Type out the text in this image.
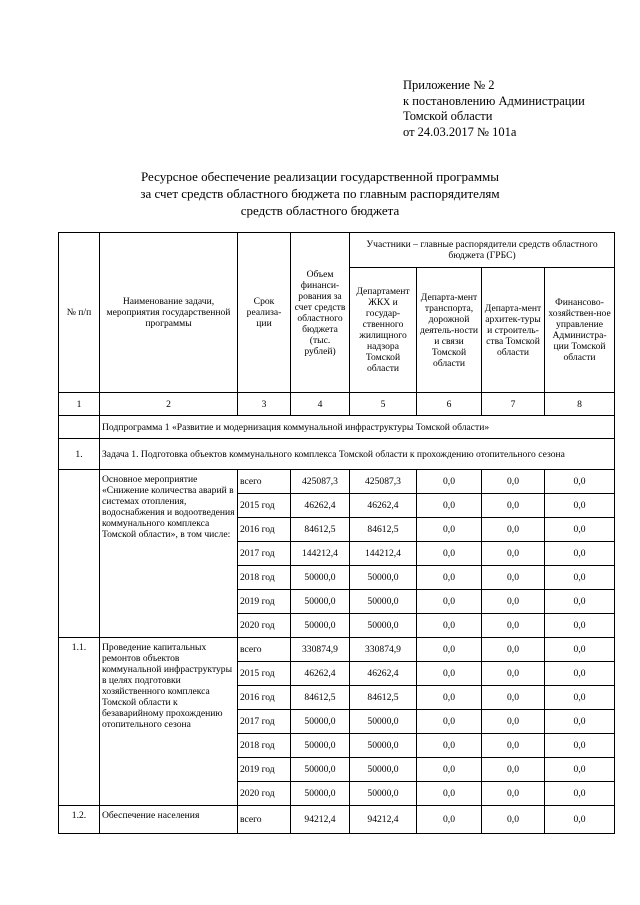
Приложение № 2
к постановлению Администрации
Томской области
от 24.03.2017 № 101а
Ресурсное обеспечение реализации государственной программы
за счет средств областного бюджета по главным распорядителям
средств областного бюджета
№ п/п	Наименование задачи, мероприятия государственной программы	Срок реализа-ции	Объем финанси-рования за счет средств областного бюджета (тыс. рублей)	Участники – главные распорядители средств областного бюджета (ГРБС)			
				Департамент ЖКХ и государ-ственного жилищного надзора Томской области	Департа-мент транспорта, дорожной деятель-ности и связи Томской области	Департа-мент архитек-туры и строитель-ства Томской области	Финансово-хозяйствен-ное управление Администра-ции Томской области
1	2	3	4	5	6	7	8
	Подпрограмма 1 «Развитие и модернизация коммунальной инфраструктуры Томской области»						
1.	Задача 1. Подготовка объектов коммунального комплекса Томской области к прохождению отопительного сезона						
	Основное мероприятие «Снижение количества аварий в системах отопления, водоснабжения и водоотведения коммунального комплекса Томской области», в том числе:	всего	425087,3	425087,3	0,0	0,0	0,0
		2015 год	46262,4	46262,4	0,0	0,0	0,0
		2016 год	84612,5	84612,5	0,0	0,0	0,0
		2017 год	144212,4	144212,4	0,0	0,0	0,0
		2018 год	50000,0	50000,0	0,0	0,0	0,0
		2019 год	50000,0	50000,0	0,0	0,0	0,0
		2020 год	50000,0	50000,0	0,0	0,0	0,0
1.1.	Проведение капитальных ремонтов объектов коммунальной инфраструктуры в целях подготовки хозяйственного комплекса Томской области к безаварийному прохождению отопительного сезона	всего	330874,9	330874,9	0,0	0,0	0,0
		2015 год	46262,4	46262,4	0,0	0,0	0,0
		2016 год	84612,5	84612,5	0,0	0,0	0,0
		2017 год	50000,0	50000,0	0,0	0,0	0,0
		2018 год	50000,0	50000,0	0,0	0,0	0,0
		2019 год	50000,0	50000,0	0,0	0,0	0,0
		2020 год	50000,0	50000,0	0,0	0,0	0,0
1.2.	Обеспечение населения	всего	94212,4	94212,4	0,0	0,0	0,0
